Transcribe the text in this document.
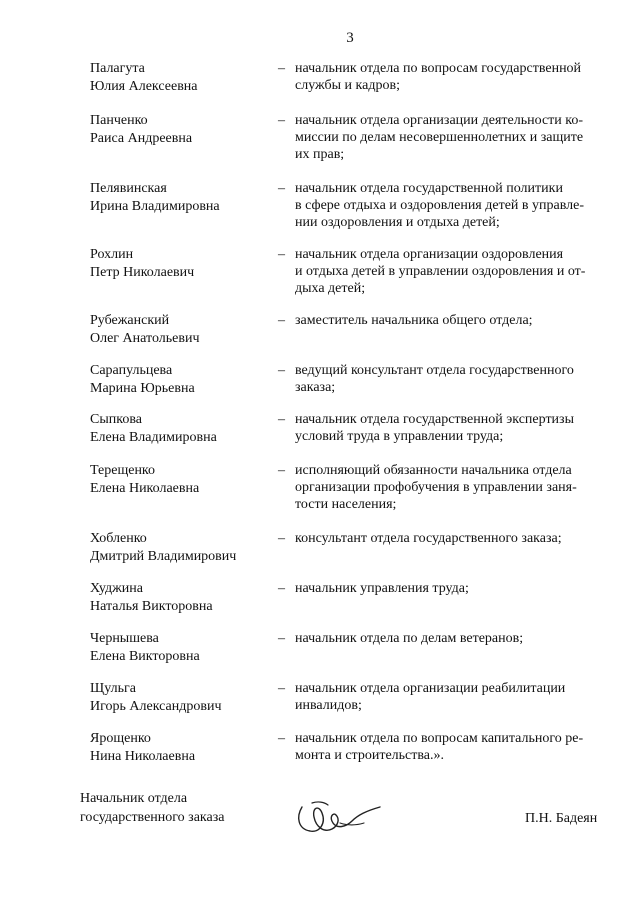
3
Палагута
Юлия Алексеевна
– начальник отдела по вопросам государственной
службы и кадров;
Панченко
Раиса Андреевна
– начальник отдела организации деятельности ко-
миссии по делам несовершеннолетних и защите
их прав;
Пелявинская
Ирина Владимировна
– начальник отдела государственной политики
в сфере отдыха и оздоровления детей в управле-
нии оздоровления и отдыха детей;
Рохлин
Петр Николаевич
– начальник отдела организации оздоровления
и отдыха детей в управлении оздоровления и от-
дыха детей;
Рубежанский
Олег Анатольевич
– заместитель начальника общего отдела;
Сарапульцева
Марина Юрьевна
– ведущий консультант отдела государственного
заказа;
Сыпкова
Елена Владимировна
– начальник отдела государственной экспертизы
условий труда в управлении труда;
Терещенко
Елена Николаевна
– исполняющий обязанности начальника отдела
организации профобучения в управлении заня-
тости населения;
Хобленко
Дмитрий Владимирович
– консультант отдела государственного заказа;
Худжина
Наталья Викторовна
– начальник управления труда;
Чернышева
Елена Викторовна
– начальник отдела по делам ветеранов;
Щульга
Игорь Александрович
– начальник отдела организации реабилитации
инвалидов;
Ярощенко
Нина Николаевна
– начальник отдела по вопросам капитального ре-
монта и строительства.».
Начальник отдела
государственного заказа	П.Н. Бадеян
